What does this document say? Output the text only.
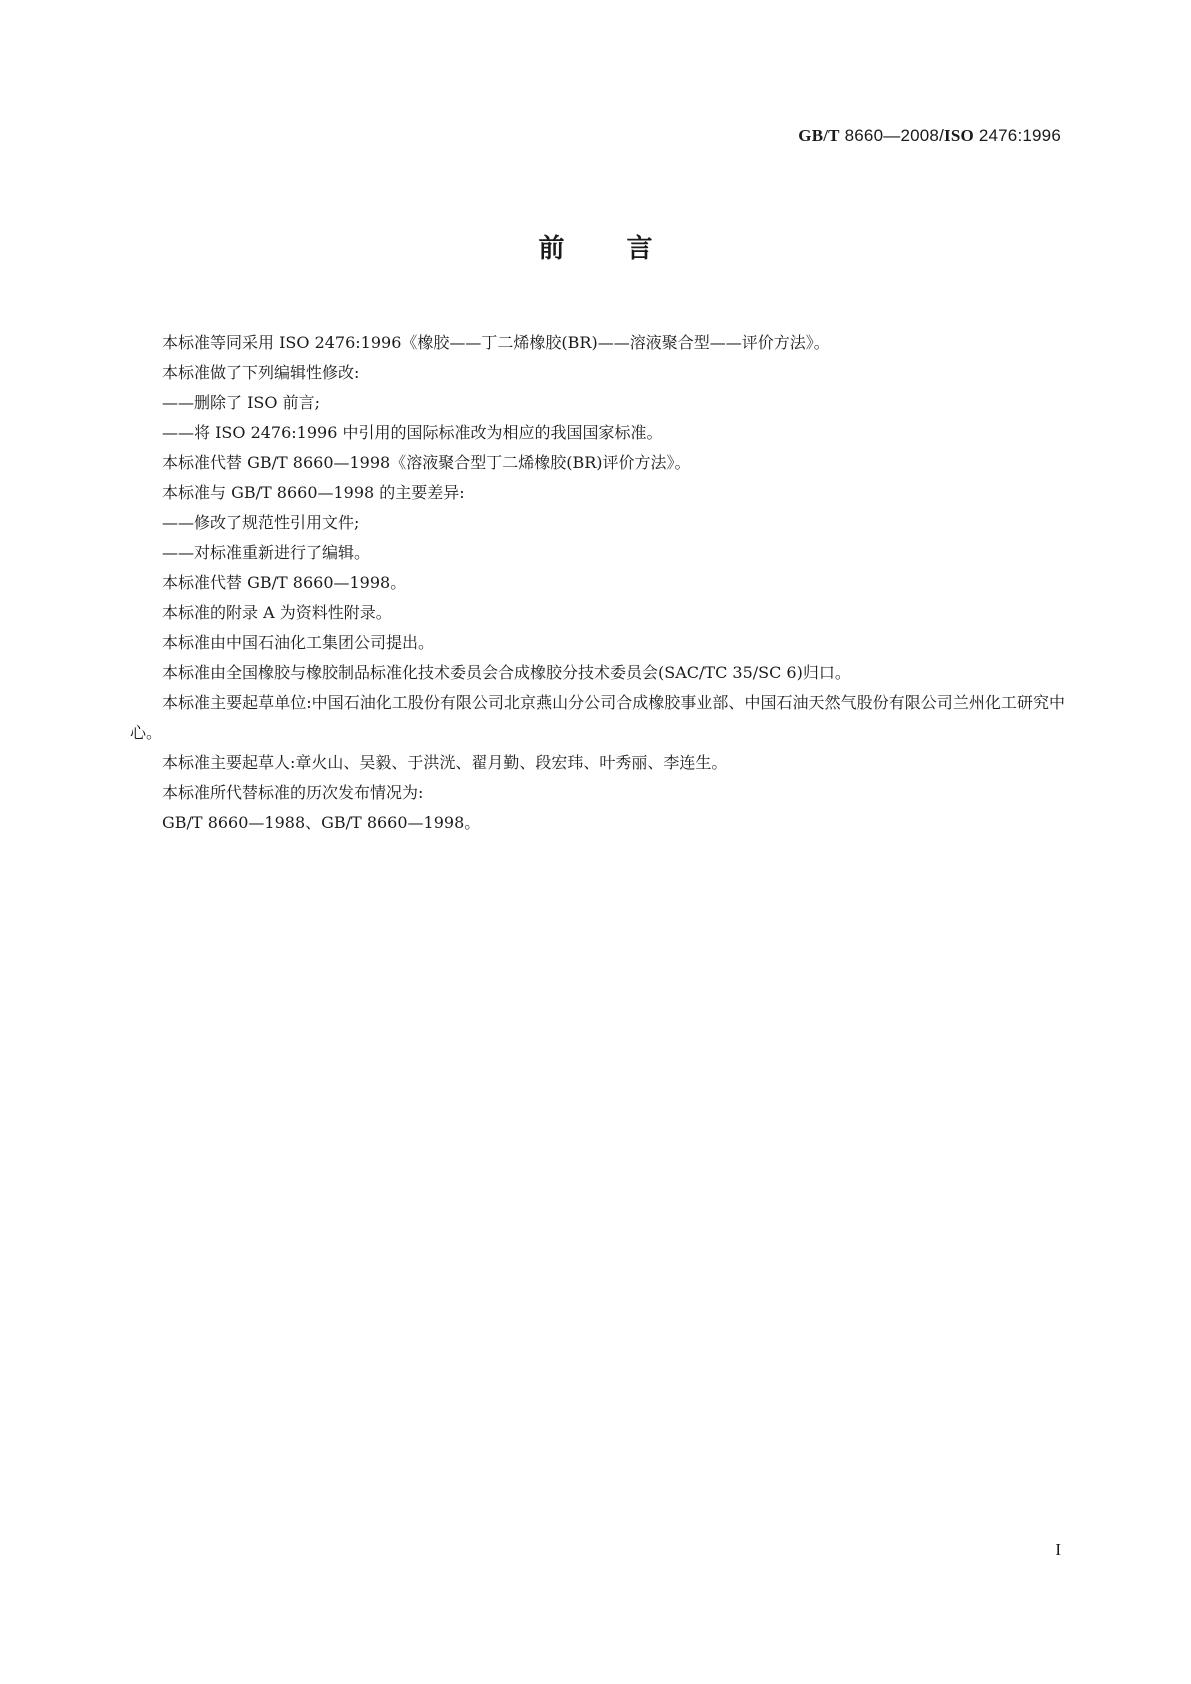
GB/T 8660—2008/ISO 2476:1996
前言

本标准等同采用 ISO 2476:1996《橡胶——丁二烯橡胶(BR)——溶液聚合型——评价方法》。

本标准做了下列编辑性修改:

——删除了 ISO 前言;

——将 ISO 2476:1996 中引用的国际标准改为相应的我国国家标准。

本标准代替 GB/T 8660—1998《溶液聚合型丁二烯橡胶(BR)评价方法》。

本标准与 GB/T 8660—1998 的主要差异:

——修改了规范性引用文件;

——对标准重新进行了编辑。

本标准代替 GB/T 8660—1998。

本标准的附录 A 为资料性附录。

本标准由中国石油化工集团公司提出。

本标准由全国橡胶与橡胶制品标准化技术委员会合成橡胶分技术委员会(SAC/TC 35/SC 6)归口。

本标准主要起草单位:中国石油化工股份有限公司北京燕山分公司合成橡胶事业部、中国石油天然气股份有限公司兰州化工研究中心。

本标准主要起草人:章火山、吴毅、于洪洸、翟月勤、段宏玮、叶秀丽、李连生。

本标准所代替标准的历次发布情况为:

GB/T 8660—1988、GB/T 8660—1998。

I
